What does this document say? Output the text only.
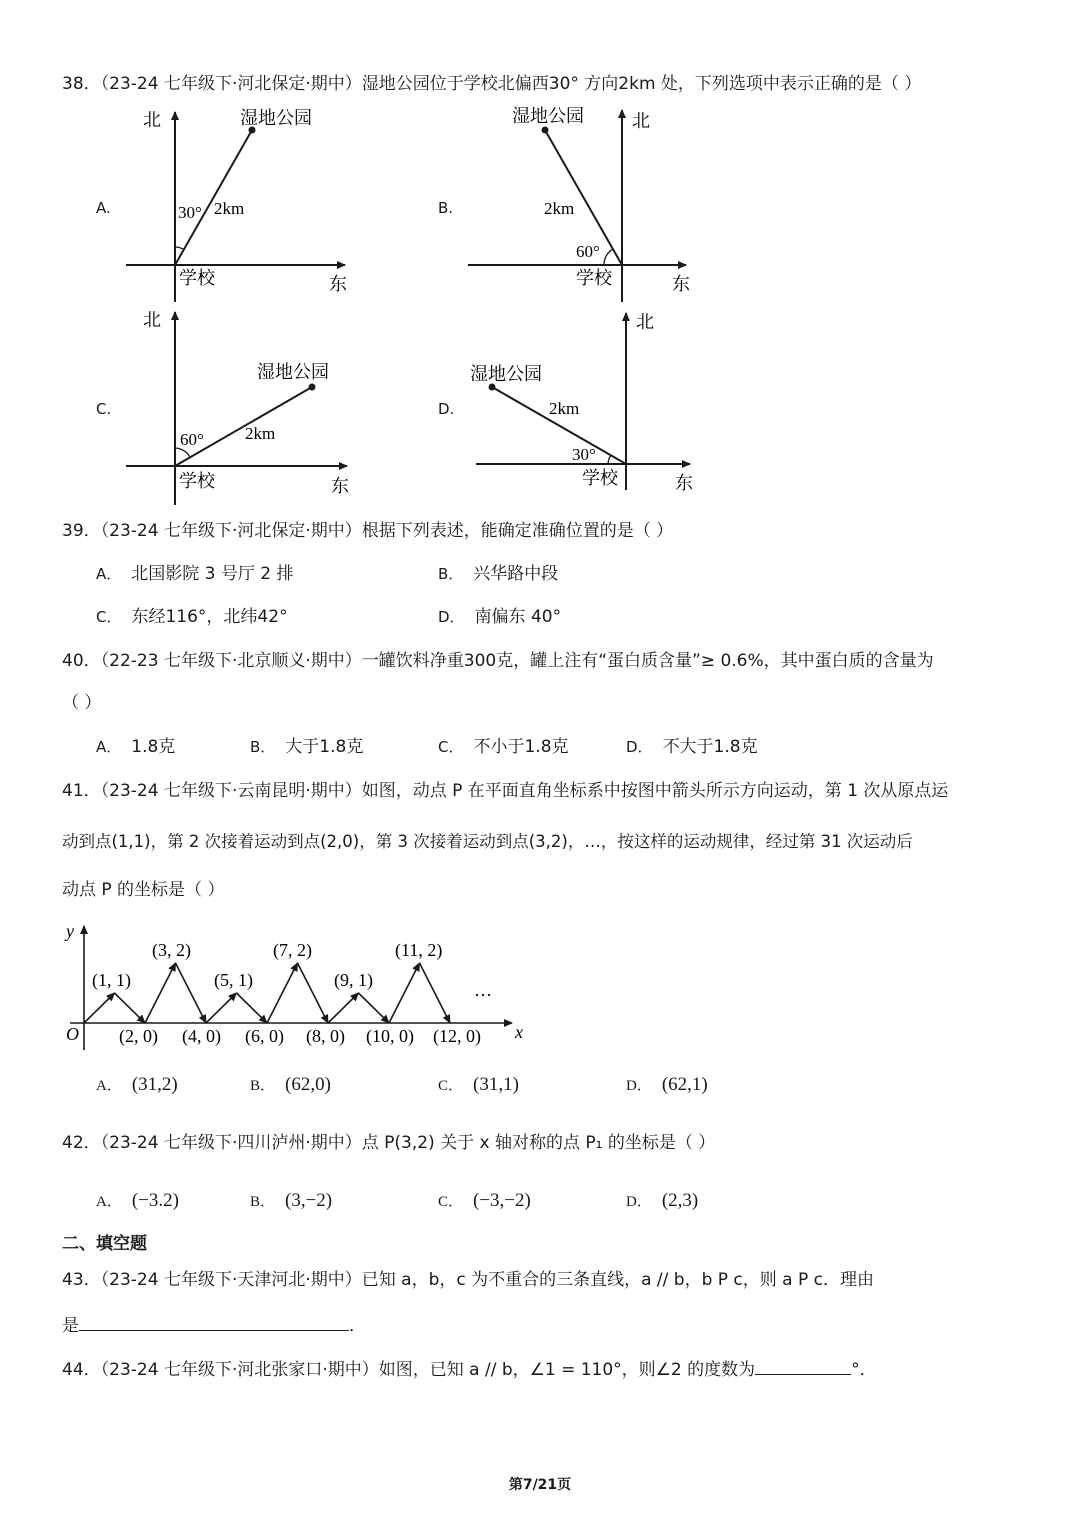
38．（23-24 七年级下·河北保定·期中）湿地公园位于学校北偏西30° 方向2km 处，下列选项中表示正确的是（ ）
A.	B.
C.	D.
北	湿地公园
30° 2km
学校	东
北
湿地公园
2km
60°
学校	东
北
湿地公园
60° 2km
学校	东
北
湿地公园
2km
30°
学校	东
39．（23-24 七年级下·河北保定·期中）根据下列表述，能确定准确位置的是（ ）
A． 北国影院 3 号厅 2 排	B． 兴华路中段
C． 东经116°，北纬42°	D． 南偏东 40°
40．（22-23 七年级下·北京顺义·期中）一罐饮料净重300克，罐上注有“蛋白质含量”≥ 0.6%，其中蛋白质的含量为
（ ）
A． 1.8克	B． 大于1.8克	C． 不小于1.8克	D． 不大于1.8克
41．（23-24 七年级下·云南昆明·期中）如图，动点 P 在平面直角坐标系中按图中箭头所示方向运动，第 1 次从原点运
动到点(1,1)，第 2 次接着运动到点(2,0)，第 3 次接着运动到点(3,2)，…，按这样的运动规律，经过第 31 次运动后
动点 P 的坐标是（ ）
y
x
O
(1, 1)
(3, 2)
(5, 1)
(7, 2)
(9, 1)
(11, 2)
(2, 0) (4, 0) (6, 0) (8, 0) (10, 0) (12, 0)
…
A． (31,2)	B． (62,0)	C． (31,1)	D． (62,1)
42．（23-24 七年级下·四川泸州·期中）点 P(3,2) 关于 x 轴对称的点 P₁ 的坐标是（ ）
A． (−3.2)	B． (3,−2)	C． (−3,−2)	D． (2,3)
二、填空题
43．（23-24 七年级下·天津河北·期中）已知 a，b，c 为不重合的三条直线，a // b，b P c，则 a P c．理由
是	．
44．（23-24 七年级下·河北张家口·期中）如图，已知 a // b，∠1 = 110°，则∠2 的度数为	°．
第7/21页
